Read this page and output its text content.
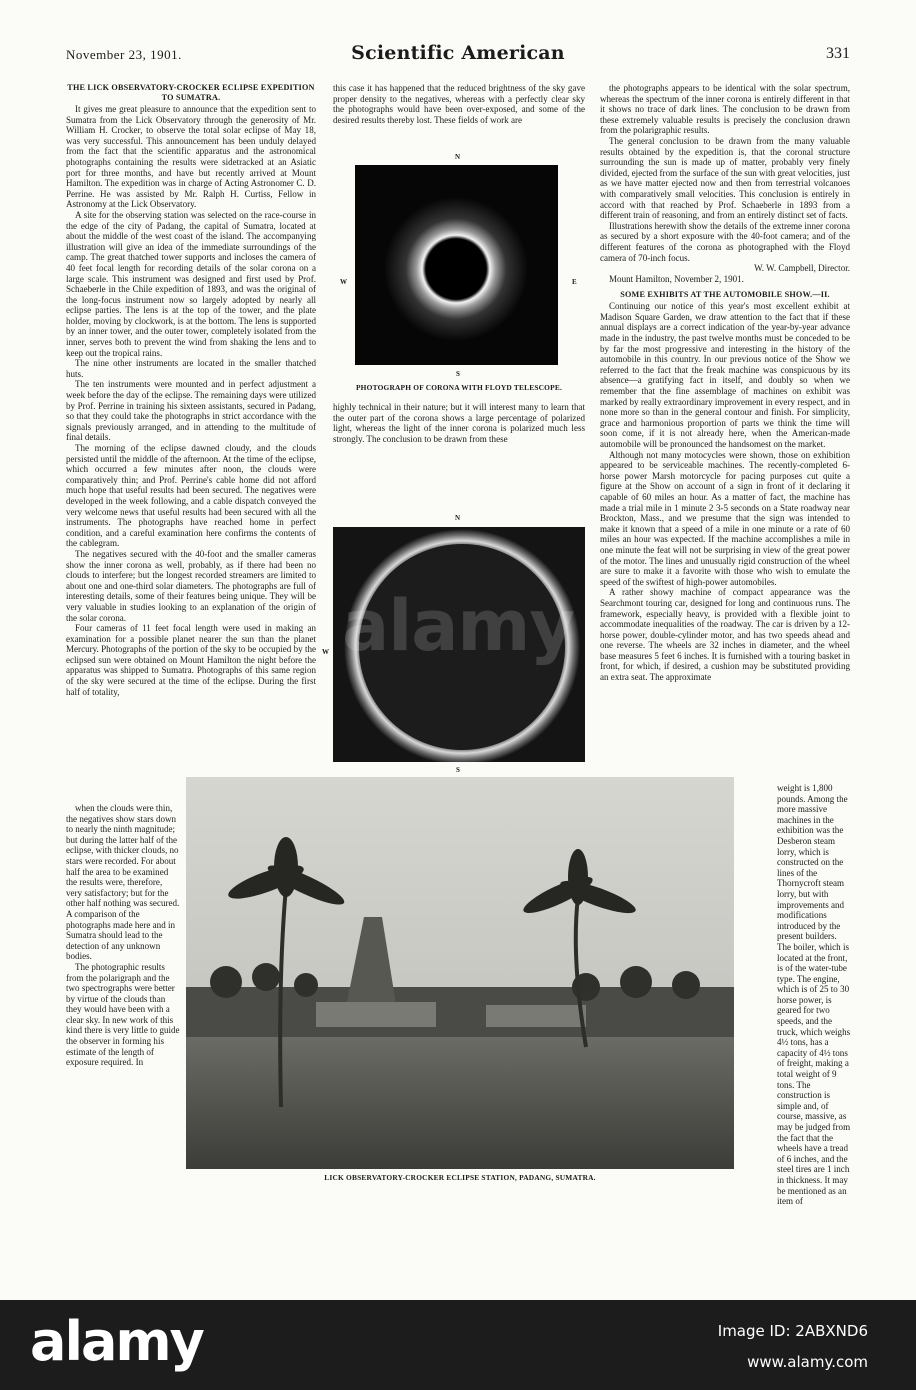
November 23, 1901.	Scientific American	331
THE LICK OBSERVATORY-CROCKER ECLIPSE EXPEDITION TO SUMATRA.

It gives me great pleasure to announce that the expedition sent to Sumatra from the Lick Observatory through the generosity of Mr. William H. Crocker, to observe the total solar eclipse of May 18, was very successful. This announcement has been unduly delayed from the fact that the scientific apparatus and the astronomical photographs containing the results were sidetracked at an Asiatic port for three months, and have but recently arrived at Mount Hamilton. The expedition was in charge of Acting Astronomer C. D. Perrine. He was assisted by Mr. Ralph H. Curtiss, Fellow in Astronomy at the Lick Observatory.

A site for the observing station was selected on the race-course in the edge of the city of Padang, the capital of Sumatra, located at about the middle of the west coast of the island. The accompanying illustration will give an idea of the immediate surroundings of the camp. The great thatched tower supports and incloses the camera of 40 feet focal length for recording details of the solar corona on a large scale. This instrument was designed and first used by Prof. Schaeberle in the Chile expedition of 1893, and was the original of the long-focus instrument now so largely adopted by nearly all eclipse parties. The lens is at the top of the tower, and the plate holder, moving by clockwork, is at the bottom. The lens is supported by an inner tower, and the outer tower, completely isolated from the inner, serves both to prevent the wind from shaking the lens and to keep out the tropical rains.

The nine other instruments are located in the smaller thatched huts.

The ten instruments were mounted and in perfect adjustment a week before the day of the eclipse. The remaining days were utilized by Prof. Perrine in training his sixteen assistants, secured in Padang, so that they could take the photographs in strict accordance with the signals previously arranged, and in attending to the multitude of final details.

The morning of the eclipse dawned cloudy, and the clouds persisted until the middle of the afternoon. At the time of the eclipse, which occurred a few minutes after noon, the clouds were comparatively thin; and Prof. Perrine's cable home did not afford much hope that useful results had been secured. The negatives were developed in the week following, and a cable dispatch conveyed the very welcome news that useful results had been secured with all the instruments. The photographs have reached home in perfect condition, and a careful examination here confirms the contents of the cablegram.

The negatives secured with the 40-foot and the smaller cameras show the inner corona as well, probably, as if there had been no clouds to interfere; but the longest recorded streamers are limited to about one and one-third solar diameters. The photographs are full of interesting details, some of their features being unique. They will be very valuable in studies looking to an explanation of the origin of the solar corona.

Four cameras of 11 feet focal length were used in making an examination for a possible planet nearer the sun than the planet Mercury. Photographs of the portion of the sky to be occupied by the eclipsed sun were obtained on Mount Hamilton the night before the apparatus was shipped to Sumatra. Photographs of this same region of the sky were secured at the time of the eclipse. During the first half of totality,

when the clouds were thin, the negatives show stars down to nearly the ninth magnitude; but during the latter half of the eclipse, with thicker clouds, no stars were recorded. For about half the area to be examined the results were, therefore, very satisfactory; but for the other half nothing was secured. A comparison of the photographs made here and in Sumatra should lead to the detection of any unknown bodies.

The photographic results from the polarigraph and the two spectrographs were better by virtue of the clouds than they would have been with a clear sky. In new work of this kind there is very little to guide the observer in forming his estimate of the length of exposure required. In

this case it has happened that the reduced brightness of the sky gave proper density to the negatives, whereas with a perfectly clear sky the photographs would have been over-exposed, and some of the desired results thereby lost. These fields of work are

N
W	E
S
PHOTOGRAPH OF CORONA WITH FLOYD TELESCOPE.

highly technical in their nature; but it will interest many to learn that the outer part of the corona shows a large percentage of polarized light, whereas the light of the inner corona is polarized much less strongly. The conclusion to be drawn from these

N
W
S

the photographs appears to be identical with the solar spectrum, whereas the spectrum of the inner corona is entirely different in that it shows no trace of dark lines. The conclusion to be drawn from these extremely valuable results is precisely the conclusion drawn from the polarigraphic results.

The general conclusion to be drawn from the many valuable results obtained by the expedition is, that the coronal structure surrounding the sun is made up of matter, probably very finely divided, ejected from the surface of the sun with great velocities, just as we have matter ejected now and then from terrestrial volcanoes with comparatively small velocities. This conclusion is entirely in accord with that reached by Prof. Schaeberle in 1893 from a different train of reasoning, and from an entirely distinct set of facts.

Illustrations herewith show the details of the extreme inner corona as secured by a short exposure with the 40-foot camera; and of the different features of the corona as photographed with the Floyd camera of 70-inch focus.

W. W. Campbell, Director.

Mount Hamilton, November 2, 1901.

SOME EXHIBITS AT THE AUTOMOBILE SHOW.—II.

Continuing our notice of this year's most excellent exhibit at Madison Square Garden, we draw attention to the fact that if these annual displays are a correct indication of the year-by-year advance made in the industry, the past twelve months must be conceded to be by far the most progressive and interesting in the history of the automobile in this country. In our previous notice of the Show we referred to the fact that the freak machine was conspicuous by its absence—a gratifying fact in itself, and doubly so when we remember that the fine assemblage of machines on exhibit was marked by really extraordinary improvement in every respect, and in none more so than in the general contour and finish. For simplicity, grace and harmonious proportion of parts we think the time will soon come, if it is not already here, when the American-made automobile will be pronounced the handsomest on the market.

Although not many motocycles were shown, those on exhibition appeared to be serviceable machines. The recently-completed 6-horse power Marsh motorcycle for pacing purposes cut quite a figure at the Show on account of a sign in front of it declaring it capable of 60 miles an hour. As a matter of fact, the machine has made a trial mile in 1 minute 2 3-5 seconds on a State roadway near Brockton, Mass., and we presume that the sign was intended to make it known that a speed of a mile in one minute or a rate of 60 miles an hour was expected. If the machine accomplishes a mile in one minute the feat will not be surprising in view of the great power of the motor. The lines and unusually rigid construction of the wheel are sure to make it a favorite with those who wish to emulate the speed of the swiftest of high-power automobiles.

A rather showy machine of compact appearance was the Searchmont touring car, designed for long and continuous runs. The framework, especially heavy, is provided with a flexible joint to accommodate inequalities of the roadway. The car is driven by a 12-horse power, double-cylinder motor, and has two speeds ahead and one reverse. The wheels are 32 inches in diameter, and the wheel base measures 5 feet 6 inches. It is furnished with a touring basket in front, for which, if desired, a cushion may be substituted providing an extra seat. The approximate

weight is 1,800 pounds. Among the more massive machines in the exhibition was the Desberon steam lorry, which is constructed on the lines of the Thornycroft steam lorry, but with improvements and modifications introduced by the present builders. The boiler, which is located at the front, is of the water-tube type. The engine, which is of 25 to 30 horse power, is geared for two speeds, and the truck, which weighs 4½ tons, has a capacity of 4½ tons of freight, making a total weight of 9 tons. The construction is simple and, of course, massive, as may be judged from the fact that the wheels have a tread of 6 inches, and the steel tires are 1 inch in thickness. It may be mentioned as an item of

LICK OBSERVATORY-CROCKER ECLIPSE STATION, PADANG, SUMATRA.
alamy	Image ID: 2ABXND6
www.alamy.com
